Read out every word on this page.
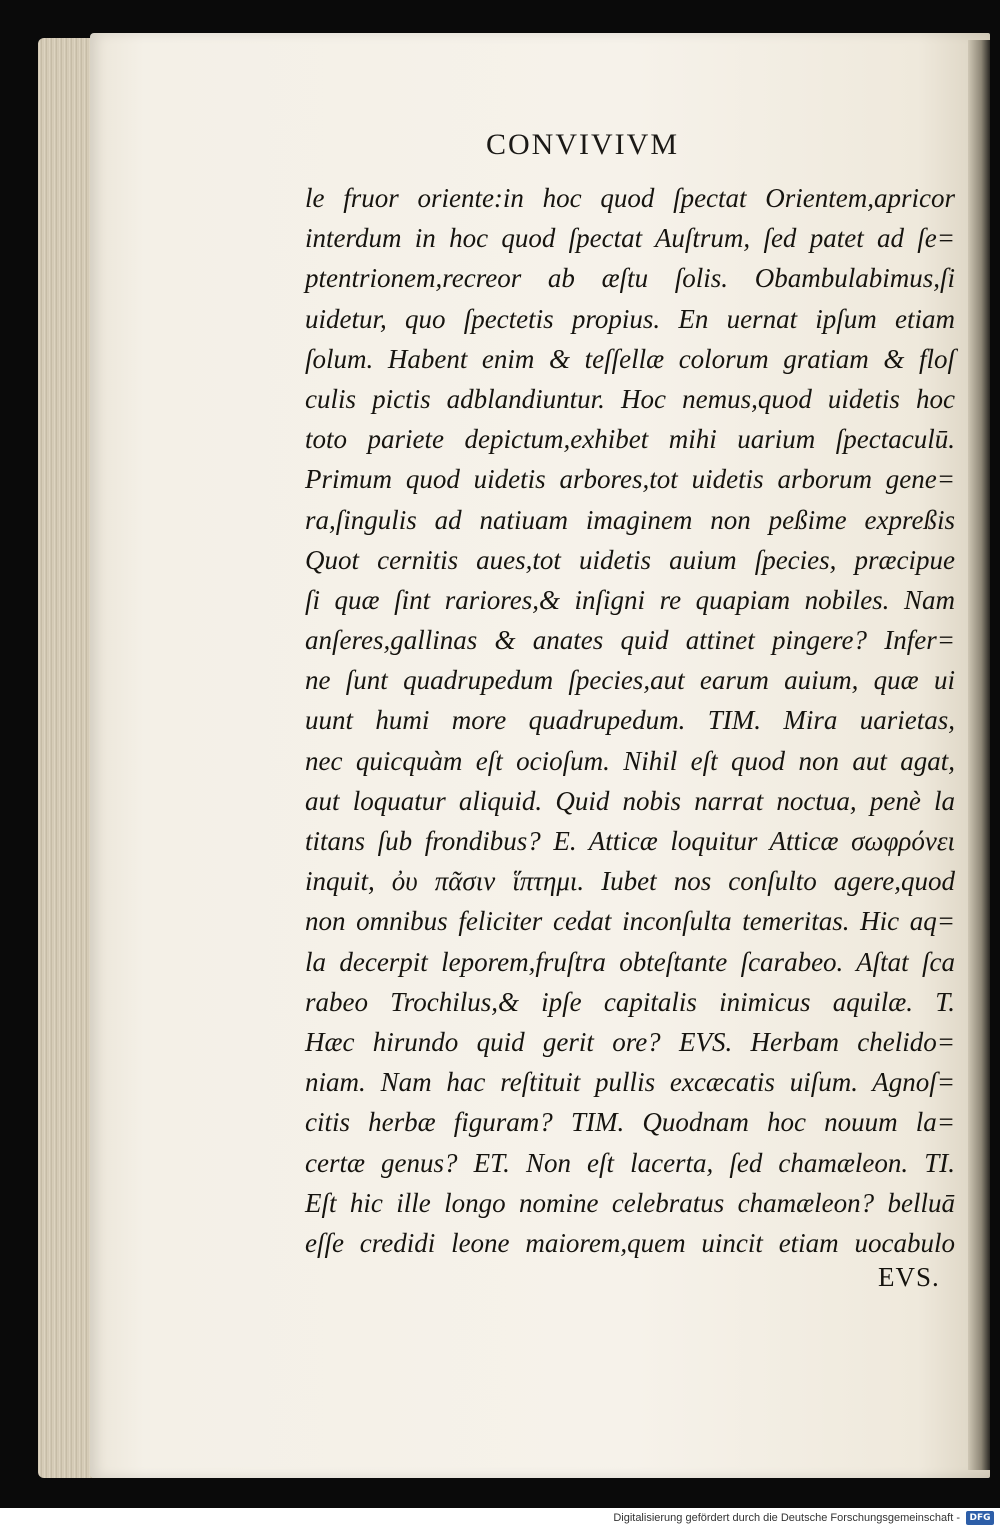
CONVIVIVM
le fruor oriente:in hoc quod ſpectat Orientem,apricor
interdum in hoc quod ſpectat Auſtrum, ſed patet ad ſe=
ptentrionem,recreor ab æſtu ſolis. Obambulabimus,ſi
uidetur, quo ſpectetis propius. En uernat ipſum etiam
ſolum. Habent enim & teſſellæ colorum gratiam & floſ
culis pictis adblandiuntur. Hoc nemus,quod uidetis hoc
toto pariete depictum,exhibet mihi uarium ſpectaculū.
Primum quod uidetis arbores,tot uidetis arborum gene=
ra,ſingulis ad natiuam imaginem non peßime expreßis
Quot cernitis aues,tot uidetis auium ſpecies, præcipue
ſi quæ ſint rariores,& inſigni re quapiam nobiles. Nam
anſeres,gallinas & anates quid attinet pingere? Infer=
ne ſunt quadrupedum ſpecies,aut earum auium, quæ ui
uunt humi more quadrupedum. TIM. Mira uarietas,
nec quicquàm eſt ocioſum. Nihil eſt quod non aut agat,
aut loquatur aliquid. Quid nobis narrat noctua, penè la
titans ſub frondibus? E. Atticæ loquitur Atticæ σωφρόνει
inquit, ὀυ πᾶσιν ἵπτημι. Iubet nos conſulto agere,quod
non omnibus feliciter cedat inconſulta temeritas. Hic aq=
la decerpit leporem,fruſtra obteſtante ſcarabeo. Aſtat ſca
rabeo Trochilus,& ipſe capitalis inimicus aquilæ. T.
Hæc hirundo quid gerit ore? EVS. Herbam chelido=
niam. Nam hac reſtituit pullis excæcatis uiſum. Agnoſ=
citis herbæ figuram? TIM. Quodnam hoc nouum la=
certæ genus? ET. Non eſt lacerta, ſed chamæleon. TI.
Eſt hic ille longo nomine celebratus chamæleon? belluā
eſſe credidi leone maiorem,quem uincit etiam uocabulo
EVS.
Digitalisierung gefördert durch die Deutsche Forschungsgemeinschaft -	DFG
